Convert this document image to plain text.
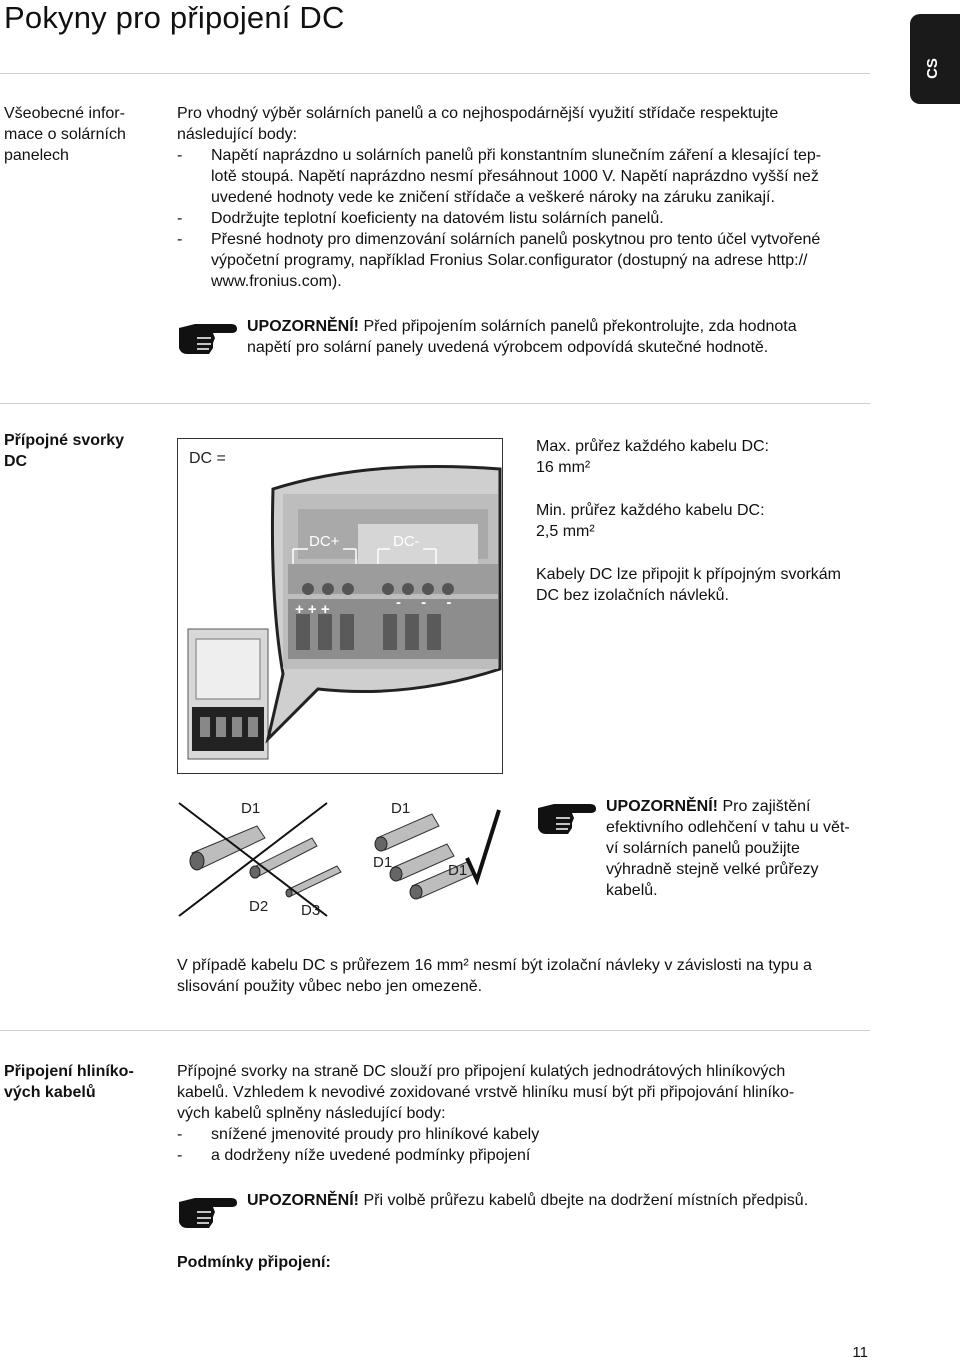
Pokyny pro připojení DC
CS
Všeobecné infor-
mace o solárních
panelech
Pro vhodný výběr solárních panelů a co nejhospodárnější využití střídače respektujte
následující body:
-	Napětí naprázdno u solárních panelů při konstantním slunečním záření a klesající tep-
lotě stoupá. Napětí naprázdno nesmí přesáhnout 1000 V. Napětí naprázdno vyšší než
uvedené hodnoty vede ke zničení střídače a veškeré nároky na záruku zanikají.
-	Dodržujte teplotní koeficienty na datovém listu solárních panelů.
-	Přesné hodnoty pro dimenzování solárních panelů poskytnou pro tento účel vytvořené
výpočetní programy, například Fronius Solar.configurator (dostupný na adrese http://
www.fronius.com).
UPOZORNĚNÍ! Před připojením solárních panelů překontrolujte, zda hodnota
napětí pro solární panely uvedená výrobcem odpovídá skutečné hodnotě.
Přípojné svorky
DC	DC =
DC+	DC-
+ + +	- - -
Max. průřez každého kabelu DC:
16 mm²
Min. průřez každého kabelu DC:
2,5 mm²
Kabely DC lze připojit k přípojným svorkám
DC bez izolačních návleků.
D1
D2 D3
D1
D1	D1
UPOZORNĚNÍ! Pro zajištění
efektivního odlehčení v tahu u vět-
ví solárních panelů použijte
výhradně stejně velké průřezy
kabelů.
V případě kabelu DC s průřezem 16 mm² nesmí být izolační návleky v závislosti na typu a
slisování použity vůbec nebo jen omezeně.
Připojení hliníko-
vých kabelů
Přípojné svorky na straně DC slouží pro připojení kulatých jednodrátových hliníkových
kabelů. Vzhledem k nevodivé zoxidované vrstvě hliníku musí být při připojování hliníko-
vých kabelů splněny následující body:
-	snížené jmenovité proudy pro hliníkové kabely
-	a dodrženy níže uvedené podmínky připojení
UPOZORNĚNÍ! Při volbě průřezu kabelů dbejte na dodržení místních předpisů.
Podmínky připojení:
11
